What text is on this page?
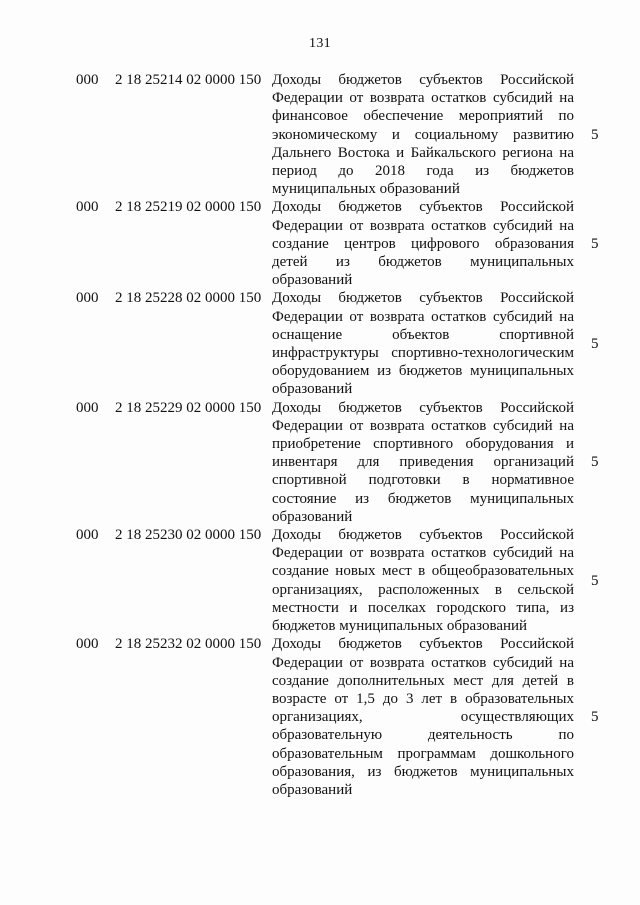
131
000 2 18 25214 02 0000 150 Доходы бюджетов субъектов Российской Федерации от возврата остатков субсидий на финансовое обеспечение мероприятий по экономическому и социальному развитию Дальнего Востока и Байкальского региона на период до 2018 года из бюджетов муниципальных образований
5
000 2 18 25219 02 0000 150 Доходы бюджетов субъектов Российской Федерации от возврата остатков субсидий на создание центров цифрового образования детей из бюджетов муниципальных образований
5
000 2 18 25228 02 0000 150 Доходы бюджетов субъектов Российской Федерации от возврата остатков субсидий на оснащение объектов спортивной инфраструктуры спортивно-технологическим оборудованием из бюджетов муниципальных образований
5
000 2 18 25229 02 0000 150 Доходы бюджетов субъектов Российской Федерации от возврата остатков субсидий на приобретение спортивного оборудования и инвентаря для приведения организаций спортивной подготовки в нормативное состояние из бюджетов муниципальных образований
5
000 2 18 25230 02 0000 150 Доходы бюджетов субъектов Российской Федерации от возврата остатков субсидий на создание новых мест в общеобразовательных организациях, расположенных в сельской местности и поселках городского типа, из бюджетов муниципальных образований
5
000 2 18 25232 02 0000 150 Доходы бюджетов субъектов Российской Федерации от возврата остатков субсидий на создание дополнительных мест для детей в возрасте от 1,5 до 3 лет в образовательных организациях, осуществляющих образовательную деятельность по образовательным программам дошкольного образования, из бюджетов муниципальных образований
5
